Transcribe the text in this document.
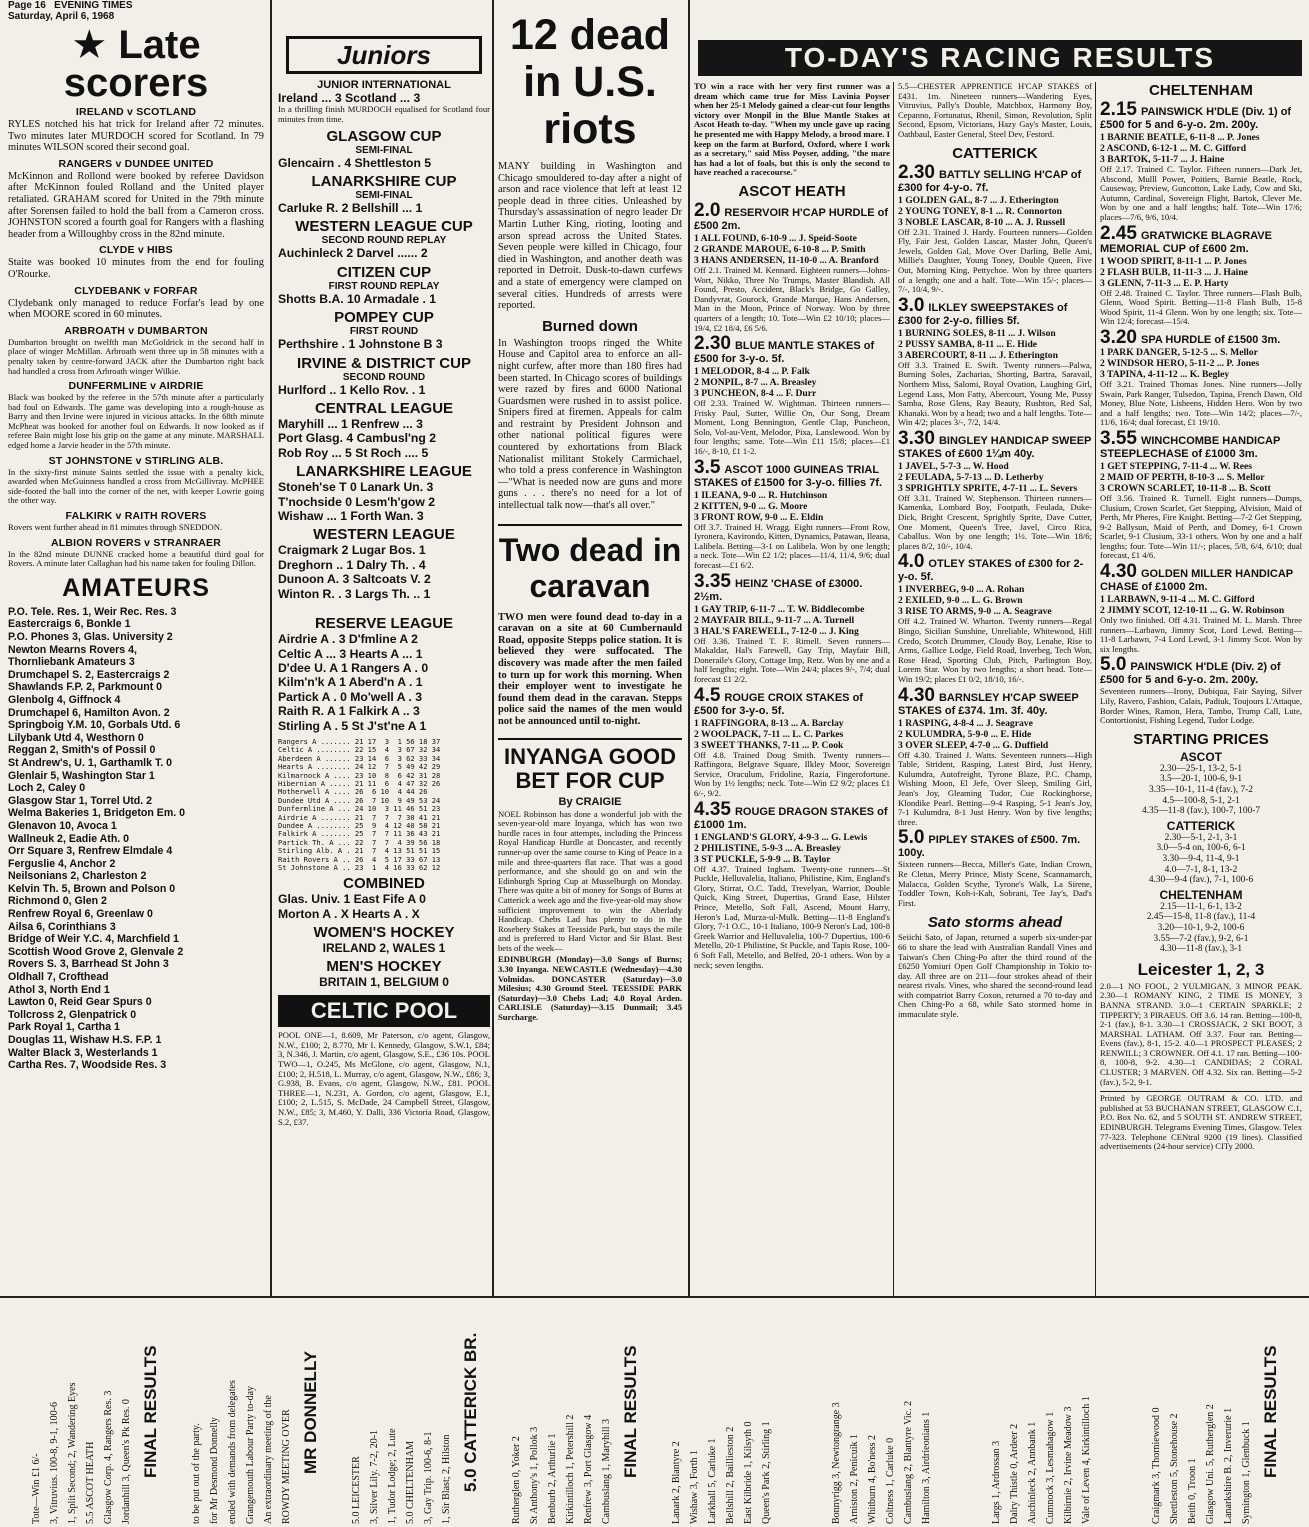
Page 16 EVENING TIMES
Saturday, April 6, 1968
★ Late
scorers
IRELAND v SCOTLAND

RYLES notched his hat trick for Ireland after 72 minutes. Two minutes later MURDOCH scored for Scotland. In 79 minutes WILSON scored their second goal.

RANGERS v DUNDEE UNITED

McKinnon and Rollond were booked by referee Davidson after McKinnon fouled Rolland and the United player retaliated. GRAHAM scored for United in the 79th minute after Sorensen failed to hold the ball from a Cameron cross. JOHNSTON scored a fourth goal for Rangers with a flashing header from a Willoughby cross in the 82nd minute.

CLYDE v HIBS

Staite was booked 10 minutes from the end for fouling O'Rourke.

CLYDEBANK v FORFAR

Clydebank only managed to reduce Forfar's lead by one when MOORE scored in 60 minutes.

ARBROATH v DUMBARTON

Dumbarton brought on twelfth man McGoldrick in the second half in place of winger McMillan. Arbroath went three up in 58 minutes with a penalty taken by centre-forward JACK after the Dumbarton right back had handled a cross from Arbroath winger Wilkie.

DUNFERMLINE v AIRDRIE

Black was booked by the referee in the 57th minute after a particularly bad foul on Edwards. The game was developing into a rough-house as Barry and then Irvine were injured in vicious attacks. In the 68th minute McPheat was booked for another foul on Edwards. It now looked as if referee Bain might lose his grip on the game at any minute. MARSHALL edged home a Jarvie header in the 57th minute.

ST JOHNSTONE v STIRLING ALB.

In the sixty-first minute Saints settled the issue with a penalty kick, awarded when McGuinness handled a cross from McGillivray. McPHEE side-footed the ball into the corner of the net, with keeper Lowrie going the other way.

FALKIRK v RAITH ROVERS

Rovers went further ahead in 81 minutes through SNEDDON.

ALBION ROVERS v STRANRAER

In the 82nd minute DUNNE cracked home a beautiful third goal for Rovers. A minute later Callaghan had his name taken for fouling Dillon.

AMATEURS
P.O. Tele. Res. 1, Weir Rec. Res. 3
Eastercraigs 6, Bonkle 1
P.O. Phones 3, Glas. University 2
Newton Mearns Rovers 4,
Thornliebank Amateurs 3
Drumchapel S. 2, Eastercraigs 2
Shawlands F.P. 2, Parkmount 0
Glenbolg 4, Giffnock 4
Drumchapel 6, Hamilton Avon. 2
Springboig Y.M. 10, Gorbals Utd. 6
Lilybank Utd 4, Westhorn 0
Reggan 2, Smith's of Possil 0
St Andrew's, U. 1, Garthamlk T. 0
Glenlair 5, Washington Star 1
Loch 2, Caley 0
Glasgow Star 1, Torrel Utd. 2
Welma Bakeries 1, Bridgeton Em. 0
Glenavon 10, Avoca 1
Wallneuk 2, Eadie Ath. 0
Orr Square 3, Renfrew Elmdale 4
Ferguslie 4, Anchor 2
Neilsonians 2, Charleston 2
Kelvin Th. 5, Brown and Polson 0
Richmond 0, Glen 2
Renfrew Royal 6, Greenlaw 0
Ailsa 6, Corinthians 3
Bridge of Weir Y.C. 4, Marchfield 1
Scottish Wood Grove 2, Glenvale 2
Rovers S. 3, Barrhead St John 3
Oldhall 7, Crofthead
Athol 3, North End 1
Lawton 0, Reid Gear Spurs 0
Tollcross 2, Glenpatrick 0
Park Royal 1, Cartha 1
Douglas 11, Wishaw H.S. F.P. 1
Walter Black 3, Westerlands 1
Cartha Res. 7, Woodside Res. 3
Juniors
JUNIOR INTERNATIONAL
Ireland ... 3 Scotland ... 3

In a thrilling finish MURDOCH equalised for Scotland four minutes from time.

GLASGOW CUP
SEMI-FINAL
Glencairn . 4 Shettleston 5
LANARKSHIRE CUP
SEMI-FINAL
Carluke R. 2 Bellshill ... 1
WESTERN LEAGUE CUP
SECOND ROUND REPLAY
Auchinleck 2 Darvel ...... 2
CITIZEN CUP
FIRST ROUND REPLAY
Shotts B.A. 10 Armadale . 1
POMPEY CUP
FIRST ROUND
Perthshire . 1 Johnstone B 3
IRVINE & DISTRICT CUP
SECOND ROUND
Hurlford .. 1 Kello Rov. . 1
CENTRAL LEAGUE
Maryhill ... 1 Renfrew ... 3
Port Glasg. 4 Cambusl'ng 2
Rob Roy ... 5 St Roch .... 5
LANARKSHIRE LEAGUE
Stoneh'se T 0 Lanark Un. 3
T'nochside 0 Lesm'h'gow 2
Wishaw ... 1 Forth Wan. 3
WESTERN LEAGUE
Craigmark 2 Lugar Bos. 1
Dreghorn .. 1 Dalry Th. . 4
Dunoon A. 3 Saltcoats V. 2
Winton R. . 3 Largs Th. .. 1
RESERVE LEAGUE
Airdrie A . 3 D'fmline A 2
Celtic A ... 3 Hearts A ... 1
D'dee U. A 1 Rangers A . 0
Kilm'n'k A 1 Aberd'n A . 1
Partick A . 0 Mo'well A . 3
Raith R. A 1 Falkirk A .. 3
Stirling A . 5 St J'st'ne A 1
Rangers A ....... 21 17  3  1 56 18 37
Celtic A ........ 22 15  4  3 67 32 34
Aberdeen A ...... 23 14  6  3 62 33 34
Hearts A ........ 24 12  7  5 49 42 29
Kilmarnock A .... 23 10  8  6 42 31 28
Hibernian A ..... 21 11  6  4 47 32 26
Motherwell A .... 26  6 10  4 44 26
Dundee Utd A .... 26  7 10  9 49 53 24
Dunfermline A ... 24 10  3 11 46 51 23
Airdrie A ....... 21  7  7  7 30 41 21
Dundee A ........ 25  9  4 12 40 58 21
Falkirk A ....... 25  7  7 11 36 43 21
Partick Th. A ... 22  7  7  4 39 56 18
Stirling Alb. A . 21  7  4 13 51 51 15
Raith Rovers A .. 26  4  5 17 33 67 13
St Johnstone A .. 23  1  4 16 33 62 12
COMBINED
Glas. Univ. 1 East Fife A 0
Morton A . X Hearts A . X
WOMEN'S HOCKEY
IRELAND 2, WALES 1
MEN'S HOCKEY
BRITAIN 1, BELGIUM 0
CELTIC POOL

POOL ONE—1, 8.609, Mr Paterson, c/o agent, Glasgow, N.W., £100; 2, 8.770, Mr I. Kennedy, Glasgow, S.W.1, £84; 3, N.346, J. Martin, c/o agent, Glasgow, S.E., £36 10s. POOL TWO—1, O.245, Ms McGlone, c/o agent, Glasgow, N.1, £100; 2, H.518, L. Murray, c/o agent, Glasgow, N.W., £86; 3, G.938, B. Evans, c/o agent, Glasgow, N.W., £81. POOL THREE—1, N.231, A. Gordon, c/o agent, Glasgow, E.1, £100; 2, L.515, S. McDade, 24 Campbell Street, Glasgow, N.W., £85; 3, M.460, Y. Dalli, 336 Victoria Road, Glasgow, S.2, £37.

12 dead in U.S. riots

MANY building in Washington and Chicago smouldered to-day after a night of arson and race violence that left at least 12 people dead in three cities. Unleashed by Thursday's assassination of negro leader Dr Martin Luther King, rioting, looting and arson spread across the United States. Seven people were killed in Chicago, four died in Washington, and another death was reported in Detroit. Dusk-to-dawn curfews and a state of emergency were clamped on several cities. Hundreds of arrests were reported.

Burned down

In Washington troops ringed the White House and Capitol area to enforce an all-night curfew, after more than 180 fires had been started. In Chicago scores of buildings were razed by fires and 6000 National Guardsmen were rushed in to assist police. Snipers fired at firemen. Appeals for calm and restraint by President Johnson and other national political figures were countered by exhortations from Black Nationalist militant Stokely Carmichael, who told a press conference in Washington—"What is needed now are guns and more guns . . . there's no need for a lot of intellectual talk now—that's all over."

Two dead in caravan

TWO men were found dead to-day in a caravan on a site at 60 Cumbernauld Road, opposite Stepps police station. It is believed they were suffocated. The discovery was made after the men failed to turn up for work this morning. When their employer went to investigate he found them dead in the caravan. Stepps police said the names of the men would not be announced until to-night.

INYANGA GOOD BET FOR CUP
By CRAIGIE

NOEL Robinson has done a wonderful job with the seven-year-old mare Inyanga, which has won two hurdle races in four attempts, including the Princess Royal Handicap Hurdle at Doncaster, and recently runner-up over the same course to King of Peace in a mile and three-quarters flat race. That was a good performance, and she should go on and win the Edinburgh Spring Cup at Musselburgh on Monday. There was quite a bit of money for Songs of Burns at Catterick a week ago and the five-year-old may show sufficient improvement to win the Aberlady Handicap. Chebs Lad has plenty to do in the Rosebery Stakes at Teesside Park, but stays the mile and is preferred to Hard Victor and Sir Blast. Best bets of the week—

EDINBURGH (Monday)—3.0 Songs of Burns; 3.30 Inyanga. NEWCASTLE (Wednesday)—4.30 Volmidas. DONCASTER (Saturday)—3.0 Milesius; 4.30 Ground Steel. TEESSIDE PARK (Saturday)—3.0 Chebs Lad; 4.0 Royal Arden. CARLISLE (Saturday)—3.15 Dunmail; 3.45 Surcharge.

TO-DAY'S RACING RESULTS

TO win a race with her very first runner was a dream which came true for Miss Lavinia Poyser when her 25-1 Melody gained a clear-cut four lengths victory over Monpil in the Blue Mantle Stakes at Ascot Heath to-day. "When my uncle gave up racing he presented me with Happy Melody, a brood mare. I keep on the farm at Burford, Oxford, where I work as a secretary," said Miss Poyser, adding, "the mare has had a lot of foals, but this is only the second to have reached a racecourse."

ASCOT HEATH
2.0 RESERVOIR H'CAP HURDLE of £500 2m.
1 ALL FOUND, 6-10-9 ... J. Speid-Soote
2 GRANDE MAROUE, 6-10-8 ... P. Smith
3 HANS ANDERSEN, 11-10-0 ... A. Branford

Off 2.1. Trained M. Kennard. Eighteen runners—Johns-Wort, Nikko, Three No Trumps, Master Blandish. All Found, Presto, Accident, Black's Bridge, Go Galley, Dandyvrat, Gourock, Grande Marque, Hans Andersen, Man in the Moon, Prince of Norway. Won by three quarters of a length; 10. Tote—Win £2 10/10; places—19/4, £2 18/4, £6 5/6.

2.30 BLUE MANTLE STAKES of £500 for 3-y-o. 5f.
1 MELODOR, 8-4 ... P. Falk
2 MONPIL, 8-7 ... A. Breasley
3 PUNCHEON, 8-4 ... F. Durr

Off 2.33. Trained W. Wightman. Thirteen runners—Frisky Paul, Sutter, Willie On, Our Song, Dream Moment, Long Bennington, Gentle Clap, Puncheon, Solo, Vol-au-Vent, Melodor, Pixa, Lanslewood. Won by four lengths; same. Tote—Win £11 15/8; places—£1 16/-, 8-10, £1 1-2.

3.5 ASCOT 1000 GUINEAS TRIAL STAKES of £1500 for 3-y-o. fillies 7f.
1 ILEANA, 9-0 ... R. Hutchinson
2 KITTEN, 9-0 ... G. Moore
3 FRONT ROW, 9-0 ... E. Eldin

Off 3.7. Trained H. Wragg. Eight runners—Front Row, Iyronera, Kavirondo, Kitten, Dynamics, Patawan, Ileana, Lalibela. Betting—3-1 on Lalibela. Won by one length; a neck. Tote—Win £2 1/2; places—11/4, 11/4, 9/6; dual forecast—£1 6/2.

3.35 HEINZ 'CHASE of £3000. 2½m.
1 GAY TRIP, 6-11-7 ... T. W. Biddlecombe
2 MAYFAIR BILL, 9-11-7 ... A. Turnell
3 HAL'S FAREWELL, 7-12-0 ... J. King

Off 3.36. Trained T. F. Rimell. Seven runners—Makaldar, Hal's Farewell, Gay Trip, Mayfair Bill, Doneraile's Glory, Cottage Imp, Retz. Won by one and a half lengths; eight. Tote—Win 24/4; places 9/-, 7/4; dual forecast £1 2/2.

4.5 ROUGE CROIX STAKES of £500 for 3-y-o. 5f.
1 RAFFINGORA, 8-13 ... A. Barclay
2 WOOLPACK, 7-11 ... L. C. Parkes
3 SWEET THANKS, 7-11 ... P. Cook

Off 4.8. Trained Doug Smith. Twenty runners—Raffingora, Belgrave Square, Ilkley Moor, Sovereign Service, Oraculum, Fridoline, Razia, Fingerofortune. Won by 1½ lengths; neck. Tote—Win £2 9/2; places £1 6/-, 9/2.

4.35 ROUGE DRAGON STAKES of £1000 1m.
1 ENGLAND'S GLORY, 4-9-3 ... G. Lewis
2 PHILISTINE, 5-9-3 ... A. Breasley
3 ST PUCKLE, 5-9-9 ... B. Taylor

Off 4.37. Trained Ingham. Twenty-one runners—St Puckle, Helluvalelia, Italiano, Philistine, Kim, England's Glory, Stirrat, O.C. Tadd, Trevelyan, Warrior, Double Quick, King Street, Dupertius, Grand Ease, Hilster Prince, Metello, Soft Fall, Ascend, Mount Harry, Heron's Lad, Murza-ul-Mulk. Betting—11-8 England's Glory, 7-1 O.C., 10-1 Italiano, 100-9 Neron's Lad, 100-8 Greek Warrior and Helluvalelia, 100-7 Dupertius, 100-6 Metello, 20-1 Philistine, St Puckle, and Tapis Rose, 100-6 Soft Fall, Metello, and Belfed, 20-1 others. Won by a neck; seven lengths.

5.5—CHESTER APPRENTICE H'CAP STAKES of £431. 1m. Nineteen runners—Wandering Eyes, Vitruvius, Pally's Double, Matchbox, Harmony Boy, Cepanno, Fortunatus, Rhenil, Simon, Revolution, Split Second, Epsom, Victorians, Hazy Gay's Master, Louis, Oathbaul, Easter General, Steel Dev, Festord.

CATTERICK
2.30 BATTLY SELLING H'CAP of £300 for 4-y-o. 7f.
1 GOLDEN GAL, 8-7 ... J. Etherington
2 YOUNG TONEY, 8-1 ... R. Connorton
3 NOBLE LASCAR, 8-10 ... A. J. Russell

Off 2.31. Trained J. Hardy. Fourteen runners—Golden Fly, Fair Jest, Golden Lascar, Master John, Queen's Jewels, Golden Gal, Move Over Darling, Belle Ami, Millie's Daughter, Young Toney, Double Queen, Five Out, Morning King, Pettychoe. Won by three quarters of a length; one and a half. Tote—Win 15/-; places—7/-, 10/4, 9/-.

3.0 ILKLEY SWEEPSTAKES of £300 for 2-y-o. fillies 5f.
1 BURNING SOLES, 8-11 ... J. Wilson
2 PUSSY SAMBA, 8-11 ... E. Hide
3 ABERCOURT, 8-11 ... J. Etherington

Off 3.3. Trained E. Swift. Twenty runners—Palwa, Burning Soles, Zacharias, Shorting, Bartra, Saravail, Northern Miss, Salomi, Royal Ovation, Laughing Girl, Legend Lass, Mon Fatty, Abercourt, Young Me, Pussy Samba, Rose Glens, Ray Beauty, Rushton, Red Sal, Khanaki. Won by a head; two and a half lengths. Tote—Win 4/2; places 3/-, 7/2, 14/4.

3.30 BINGLEY HANDICAP SWEEP STAKES of £600 1¼m 40y.
1 JAVEL, 5-7-3 ... W. Hood
2 FEULADA, 5-7-13 ... D. Letherby
3 SPRIGHTLY SPRITE, 4-7-11 ... L. Severs

Off 3.31. Trained W. Stephenson. Thirteen runners—Kamenka, Lombard Boy, Footpath, Feulada, Duke-Dick, Bright Crescent, Sprightly Sprite, Dave Cutter, One Moment, Queen's Tree, Javel, Circo Rica, Caballus. Won by one length; 1½. Tote—Win 18/6; places 8/2, 10/-, 10/4.

4.0 OTLEY STAKES of £300 for 2-y-o. 5f.
1 INVERBEG, 9-0 ... A. Rohan
2 EXILED, 9-0 ... L. G. Brown
3 RISE TO ARMS, 9-0 ... A. Seagrave

Off 4.2. Trained W. Wharton. Twenty runners—Regal Bingo, Sicilian Sunshine, Unreliable, Whitewood, Hill Credo, Scotch Drummer, Cloudy Boy, Lenahe, Rise to Arms, Gallice Lodge, Field Road, Inverbeg, Tech Won, Rose Head, Sporting Club, Pitch, Parlington Boy, Lorem Star. Won by two lengths; a short head. Tote—Win 19/2; places £1 0/2, 18/10, 16/-.

4.30 BARNSLEY H'CAP SWEEP STAKES of £374. 1m. 3f. 40y.
1 RASPING, 4-8-4 ... J. Seagrave
2 KULUMDRA, 5-9-0 ... E. Hide
3 OVER SLEEP, 4-7-0 ... G. Duffield

Off 4.30. Trained J. Watts. Seventeen runners—High Table, Strident, Rasping, Latest Bird, Just Henry, Kulumdra, Autofreight, Tyrone Blaze, P.C. Champ, Wishing Moon, El Jefe, Over Sleep, Smiling Girl, Jean's Joy, Gleaming Tudor, Cue Rockinghorse, Klondike Pearl. Betting—9-4 Rasping, 5-1 Jean's Joy, 7-1 Kulumdra, 8-1 Just Henry. Won by five lengths; three.

5.0 PIPLEY STAKES of £500. 7m. 100y.

Sixteen runners—Becca, Miller's Gate, Indian Crown, Re Cletus, Merry Prince, Misty Scene, Scannamarch, Malacca, Golden Scythe, Tyrone's Walk, La Sirene, Toddler Town, Koh-i-Kah, Sobrani, Tee Jay's, Dad's First.

Sato storms ahead

Seiichi Sato, of Japan, returned a superb six-under-par 66 to share the lead with Australian Randall Vines and Taiwan's Chen Ching-Po after the third round of the £6250 Yomiuri Open Golf Championship in Tokio to-day. All three are on 211—four strokes ahead of their nearest rivals. Vines, who shared the second-round lead with compatriot Barry Coxon, returned a 70 to-day and Chen Ching-Po a 68, while Sato stormed home in immaculate style.

CHELTENHAM
2.15 PAINSWICK H'DLE (Div. 1) of £500 for 5 and 6-y-o. 2m. 200y.
1 BARNIE BEATLE, 6-11-8 ... P. Jones
2 ASCOND, 6-12-1 ... M. C. Gifford
3 BARTOK, 5-11-7 ... J. Haine

Off 2.17. Trained C. Taylor. Fifteen runners—Dark Jet, Abscond, Mulll Power, Poitiers, Barnie Beatle, Rock, Causeway, Preview, Guncotton, Lake Lady, Cow and Ski, Autumn, Cardinal, Sovereign Flight, Bartok, Clever Me. Won by one and a half lengths; half. Tote—Win 17/6; places—7/6, 9/6, 10/4.

2.45 GRATWICKE BLAGRAVE MEMORIAL CUP of £600 2m.
1 WOOD SPIRIT, 8-11-1 ... P. Jones
2 FLASH BULB, 11-11-3 ... J. Haine
3 GLENN, 7-11-3 ... E. P. Harty

Off 2.48. Trained C. Taylor. Three runners—Flash Bulb, Glenn, Wood Spirit. Betting—11-8 Flash Bulb, 15-8 Wood Spirit, 11-4 Glenn. Won by one length; six. Tote—Win 12/4; forecast—15/4.

3.20 SPA HURDLE of £1500 3m.
1 PARK DANGER, 5-12-5 ... S. Mellor
2 WINDSOR HERO, 5-11-2 ... P. Jones
3 TAPINA, 4-11-12 ... K. Begley

Off 3.21. Trained Thomas Jones. Nine runners—Jolly Swain, Park Ranger, Tulsedon, Tapina, French Dawn, Old Money, Blue Note, Lisheens, Hidden Hero. Won by two and a half lengths; two. Tote—Win 14/2; places—7/-, 11/6, 16/4; dual forecast, £1 19/10.

3.55 WINCHCOMBE HANDICAP STEEPLECHASE of £1000 3m.
1 GET STEPPING, 7-11-4 ... W. Rees
2 MAID OF PERTH, 8-10-3 ... S. Mellor
3 CROWN SCARLET, 10-11-8 ... B. Scott

Off 3.56. Trained R. Turnell. Eight runners—Dumps, Clusium, Crown Scarlet, Get Stepping, Alvision, Maid of Perth, Mr Pheres, Fire Knight. Betting—7-2 Get Stepping, 9-2 Ballysun, Maid of Perth, and Domey, 6-1 Crown Scarlet, 9-1 Clusium, 33-1 others. Won by one and a half lengths; four. Tote—Win 11/-; places, 5/8, 6/4, 6/10; dual forecast, £1 4/6.

4.30 GOLDEN MILLER HANDICAP CHASE of £1000 2m.
1 LARBAWN, 9-11-4 ... M. C. Gifford
2 JIMMY SCOT, 12-10-11 ... G. W. Robinson

Only two finished. Off 4.31. Trained M. L. Marsh. Three runners—Larbawn, Jimmy Scot, Lord Lewd. Betting—11-8 Larbawn, 7-4 Lord Lewd, 3-1 Jimmy Scot. Won by six lengths.

5.0 PAINSWICK H'DLE (Div. 2) of £500 for 5 and 6-y-o. 2m. 200y.

Seventeen runners—Irony, Dubiqua, Fair Saying, Silver Lily, Ravero, Fashion, Calais, Padiuk, Toujours L'Attaque, Border Wines, Ramon, Hera, Tambo, Trump Call, Lute, Contortionist, Fishing Legend, Tudor Lodge.

STARTING PRICES
ASCOT
2.30—25-1, 13-2, 5-1
3.5—20-1, 100-6, 9-1
3.35—10-1, 11-4 (fav.), 7-2
4.5—100-8, 5-1, 2-1
4.35—11-8 (fav.), 100-7, 100-7
CATTERICK
2.30—5-1, 2-1, 3-1
3.0—5-4 on, 100-6, 6-1
3.30—9-4, 11-4, 9-1
4.0—7-1, 8-1, 13-2
4.30—9-4 (fav.), 7-1, 100-6
CHELTENHAM
2.15—11-1, 6-1, 13-2
2.45—15-8, 11-8 (fav.), 11-4
3.20—10-1, 9-2, 100-6
3.55—7-2 (fav.), 9-2, 6-1
4.30—11-8 (fav.), 3-1
Leicester 1, 2, 3

2.0—1 NO FOOL, 2 YULMIGAN, 3 MINOR PEAK. 2.30—1 ROMANY KING, 2 TIME IS MONEY, 3 BANNA STRAND. 3.0—1 CERTAIN SPARKLE; 2 TIPPERTY; 3 PIRAEUS. Off 3.6. 14 ran. Betting—100-8, 2-1 (fav.), 8-1. 3.30—1 CROSSJACK, 2 SKI BOOT, 3 MARSHAL LATHAM. Off 3.37. Four ran. Betting—Evens (fav.), 8-1, 15-2. 4.0—1 PROSPECT PLEASES; 2 RENWILL; 3 CROWNER. Off 4.1. 17 ran. Betting—100-8, 100-8, 9-2. 4.30—1 CANDIDAS; 2 CORAL CLUSTER; 3 MARVEN. Off 4.32. Six ran. Betting—5-2 (fav.), 5-2, 9-1.

Printed by GEORGE OUTRAM & CO. LTD. and published at 53 BUCHANAN STREET, GLASGOW C.1, P.O. Box No. 62, and 5 SOUTH ST. ANDREW STREET, EDINBURGH. Telegrams Evening Times, Glasgow. Telex 77-323. Telephone CENtral 9200 (19 lines). Classified advertisements (24-hour service) CITy 2000.

FINAL RESULTS
Symington 1, Glenbuck 1
Lanarkshire B. 2, Inverurie 1
Glasgow Uni. 5, Rutherglen 2
Beith 0, Troon 1
Shettleston 5, Stonehouse 2
Craigmark 3, Thorniewood 0
Vale of Leven 4, Kirkintilloch 1
Kilbirnie 2, Irvine Meadow 3
Cumnock 3, Lesmahagow 1
Auchinleck 2, Annbank 1
Dalry Thistle 0, Ardeer 2
Largs 1, Ardrossan 3
Hamilton 3, Airdrieonians 1
Cambuslang 2, Blantyre Vic. 2
Coltness 1, Carluke 0
Whitburn 4, Bo'ness 2
Arniston 2, Penicuik 1
Bonnyrigg 3, Newtongrange 3
Queen's Park 2, Stirling 1
East Kilbride 1, Kilsyth 0
Bellshill 2, Baillieston 2
Larkhall 5, Carluke 1
Wishaw 3, Forth 1
Lanark 2, Blantyre 2
FINAL RESULTS
Cambuslang 1, Maryhill 3
Renfrew 3, Port Glasgow 4
Kirkintilloch 1, Petershill 2
Benburb 2, Arthurlie 1
St Anthony's 1, Pollok 3
Rutherglen 0, Yoker 2
5.0 CATTERICK BR.
1, Sir Blast; 2, Hilston
3, Gay Trip. 100-6, 8-1
5.0 CHELTENHAM
1, Tudor Lodge; 2, Lute
3, Silver Lily. 7-2, 20-1
5.0 LEICESTER
MR DONNELLY
ROWDY MEETING OVER
An extraordinary meeting of the
Grangemouth Labour Party to-day
ended with demands from delegates
for Mr Desmond Donnelly
to be put out of the party.
FINAL RESULTS
Jordanhill 3, Queen's Pk Res. 0
Glasgow Corp. 4, Rangers Res. 3
5.5 ASCOT HEATH
1, Split Second; 2, Wandering Eyes
3, Vitruvius. 100-8, 9-1, 100-6
Tote—Win £1 6/-
